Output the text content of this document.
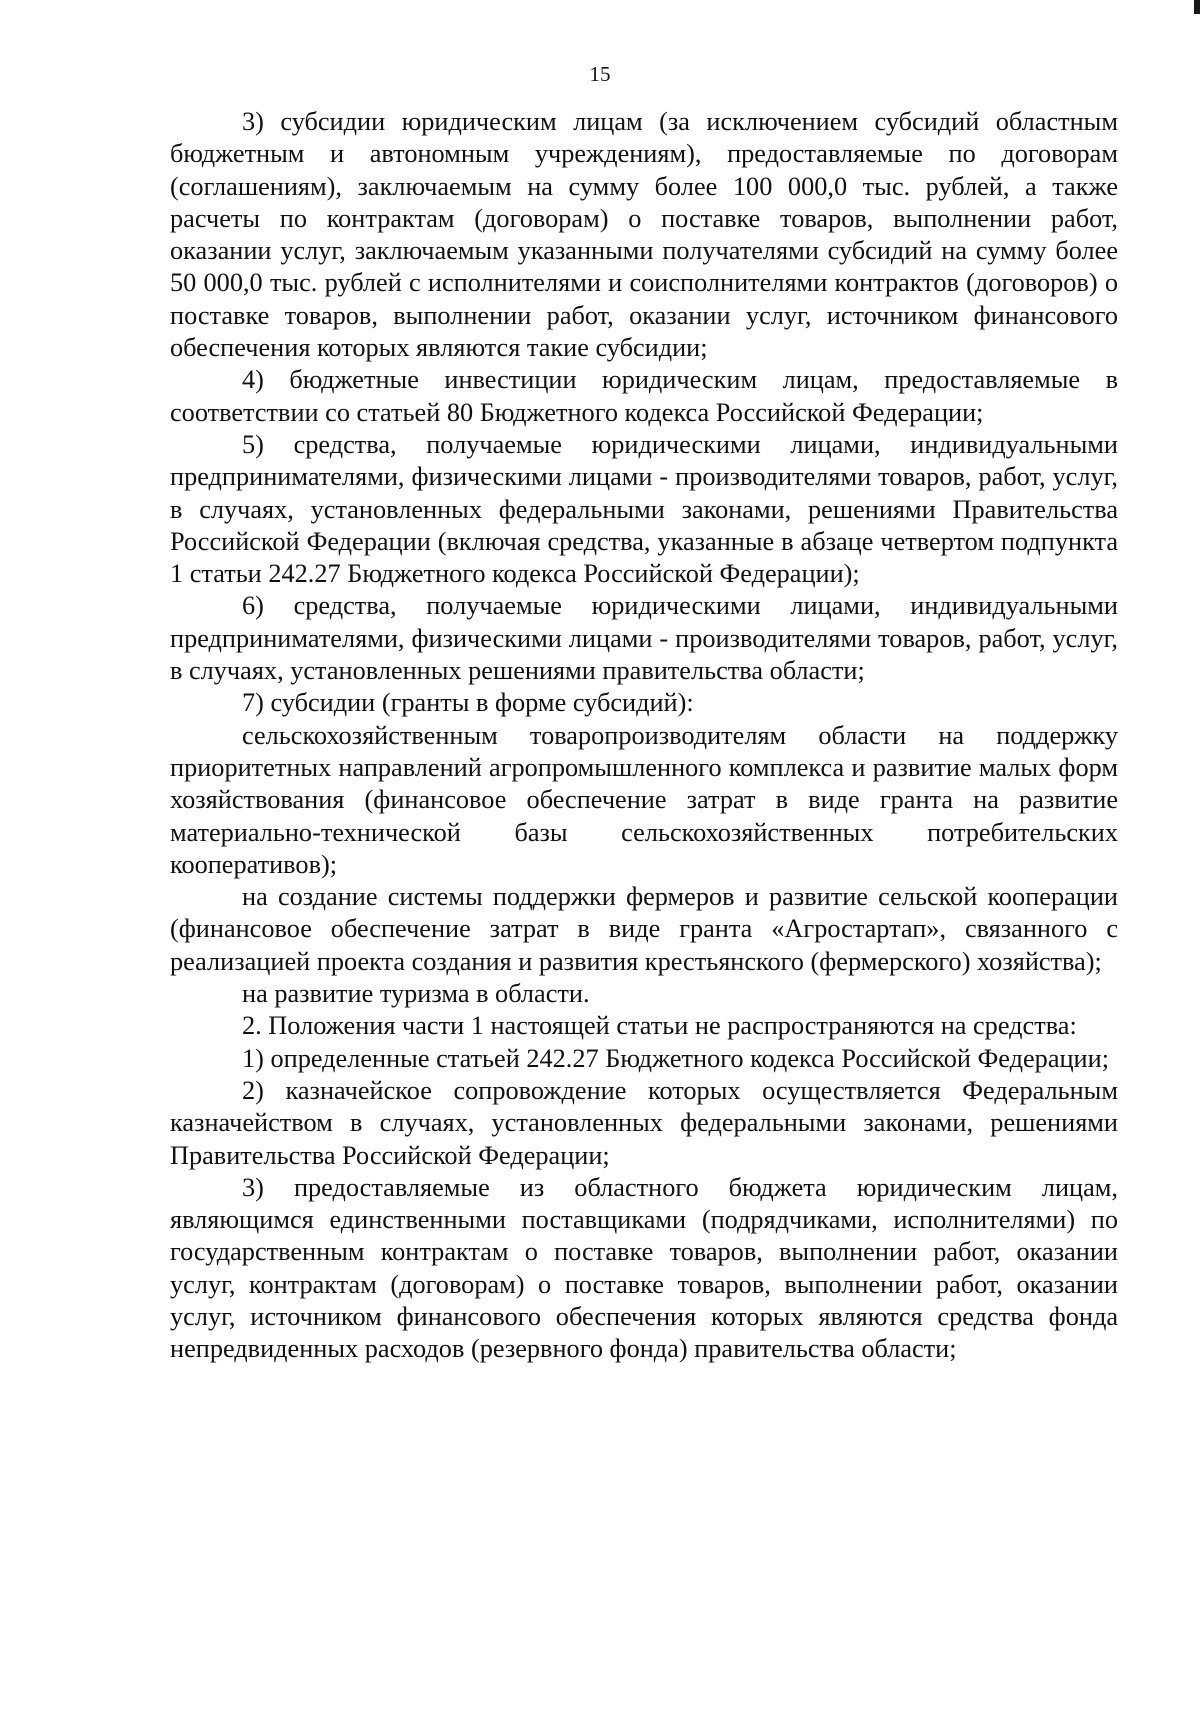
15

3) субсидии юридическим лицам (за исключением субсидий областным бюджетным и автономным учреждениям), предоставляемые по договорам (соглашениям), заключаемым на сумму более 100 000,0 тыс. рублей, а также расчеты по контрактам (договорам) о поставке товаров, выполнении работ, оказании услуг, заключаемым указанными получателями субсидий на сумму более 50 000,0 тыс. рублей с исполнителями и соисполнителями контрактов (договоров) о поставке товаров, выполнении работ, оказании услуг, источником финансового обеспечения которых являются такие субсидии;

4) бюджетные инвестиции юридическим лицам, предоставляемые в соответствии со статьей 80 Бюджетного кодекса Российской Федерации;

5) средства, получаемые юридическими лицами, индивидуальными предпринимателями, физическими лицами - производителями товаров, работ, услуг, в случаях, установленных федеральными законами, решениями Правительства Российской Федерации (включая средства, указанные в абзаце четвертом подпункта 1 статьи 242.27 Бюджетного кодекса Российской Федерации);

6) средства, получаемые юридическими лицами, индивидуальными предпринимателями, физическими лицами - производителями товаров, работ, услуг, в случаях, установленных решениями правительства области;

7) субсидии (гранты в форме субсидий):

сельскохозяйственным товаропроизводителям области на поддержку приоритетных направлений агропромышленного комплекса и развитие малых форм хозяйствования (финансовое обеспечение затрат в виде гранта на развитие материально-технической базы сельскохозяйственных потребительских кооперативов);

на создание системы поддержки фермеров и развитие сельской кооперации (финансовое обеспечение затрат в виде гранта «Агростартап», связанного с реализацией проекта создания и развития крестьянского (фермерского) хозяйства);

на развитие туризма в области.

2. Положения части 1 настоящей статьи не распространяются на средства:

1) определенные статьей 242.27 Бюджетного кодекса Российской Федерации;

2) казначейское сопровождение которых осуществляется Федеральным казначейством в случаях, установленных федеральными законами, решениями Правительства Российской Федерации;

3) предоставляемые из областного бюджета юридическим лицам, являющимся единственными поставщиками (подрядчиками, исполнителями) по государственным контрактам о поставке товаров, выполнении работ, оказании услуг, контрактам (договорам) о поставке товаров, выполнении работ, оказании услуг, источником финансового обеспечения которых являются средства фонда непредвиденных расходов (резервного фонда) правительства области;
